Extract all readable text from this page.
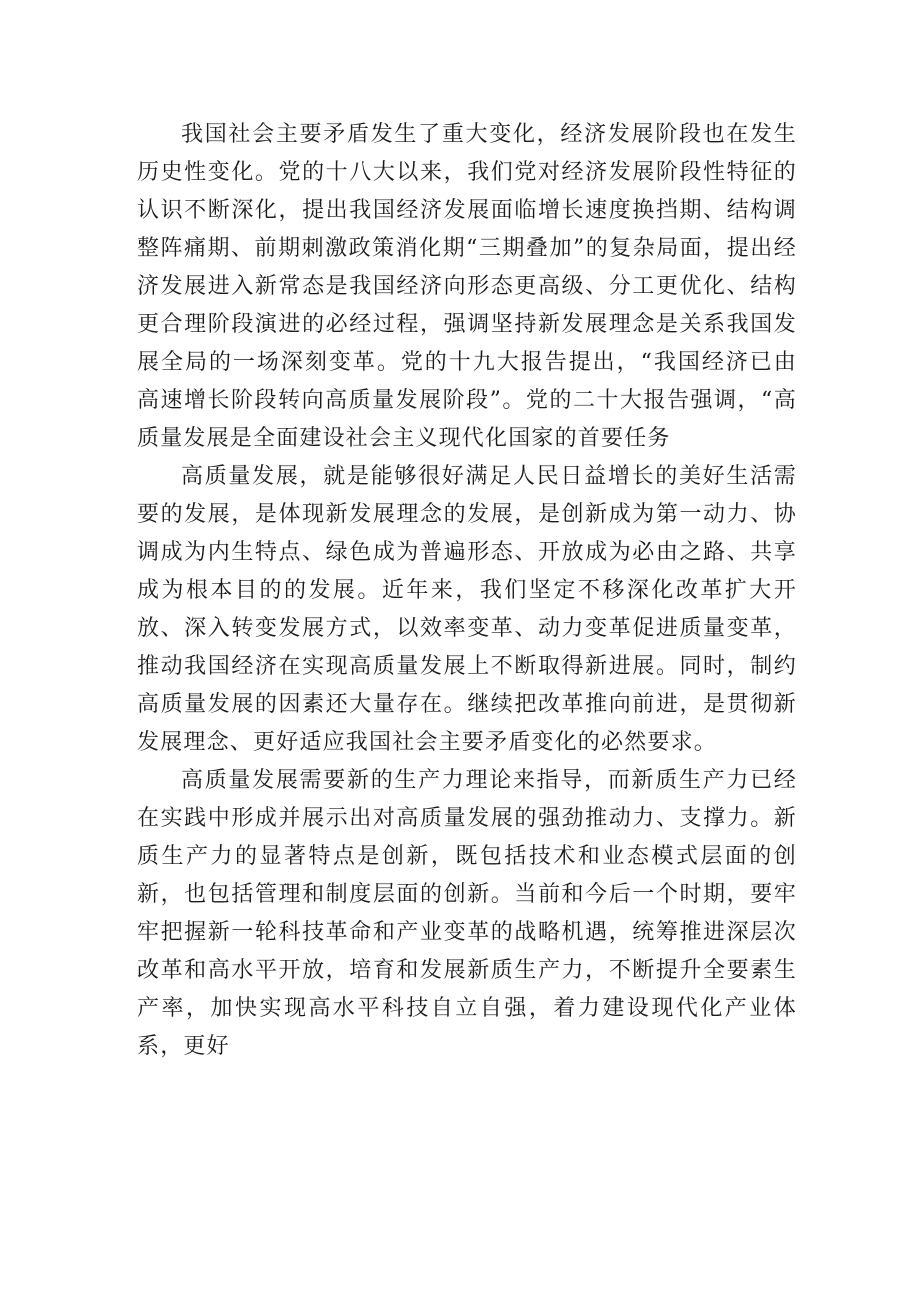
我国社会主要矛盾发生了重大变化，经济发展阶段也在发生历史性变化。党的十八大以来，我们党对经济发展阶段性特征的认识不断深化，提出我国经济发展面临增长速度换挡期、结构调整阵痛期、前期刺激政策消化期“三期叠加”的复杂局面，提出经济发展进入新常态是我国经济向形态更高级、分工更优化、结构更合理阶段演进的必经过程，强调坚持新发展理念是关系我国发展全局的一场深刻变革。党的十九大报告提出，“我国经济已由高速增长阶段转向高质量发展阶段”。党的二十大报告强调，“高质量发展是全面建设社会主义现代化国家的首要任务

高质量发展，就是能够很好满足人民日益增长的美好生活需要的发展，是体现新发展理念的发展，是创新成为第一动力、协调成为内生特点、绿色成为普遍形态、开放成为必由之路、共享成为根本目的的发展。近年来，我们坚定不移深化改革扩大开放、深入转变发展方式，以效率变革、动力变革促进质量变革，推动我国经济在实现高质量发展上不断取得新进展。同时，制约高质量发展的因素还大量存在。继续把改革推向前进，是贯彻新发展理念、更好适应我国社会主要矛盾变化的必然要求。

高质量发展需要新的生产力理论来指导，而新质生产力已经在实践中形成并展示出对高质量发展的强劲推动力、支撑力。新质生产力的显著特点是创新，既包括技术和业态模式层面的创新，也包括管理和制度层面的创新。当前和今后一个时期，要牢牢把握新一轮科技革命和产业变革的战略机遇，统筹推进深层次改革和高水平开放，培育和发展新质生产力，不断提升全要素生产率，加快实现高水平科技自立自强，着力建设现代化产业体系，更好
